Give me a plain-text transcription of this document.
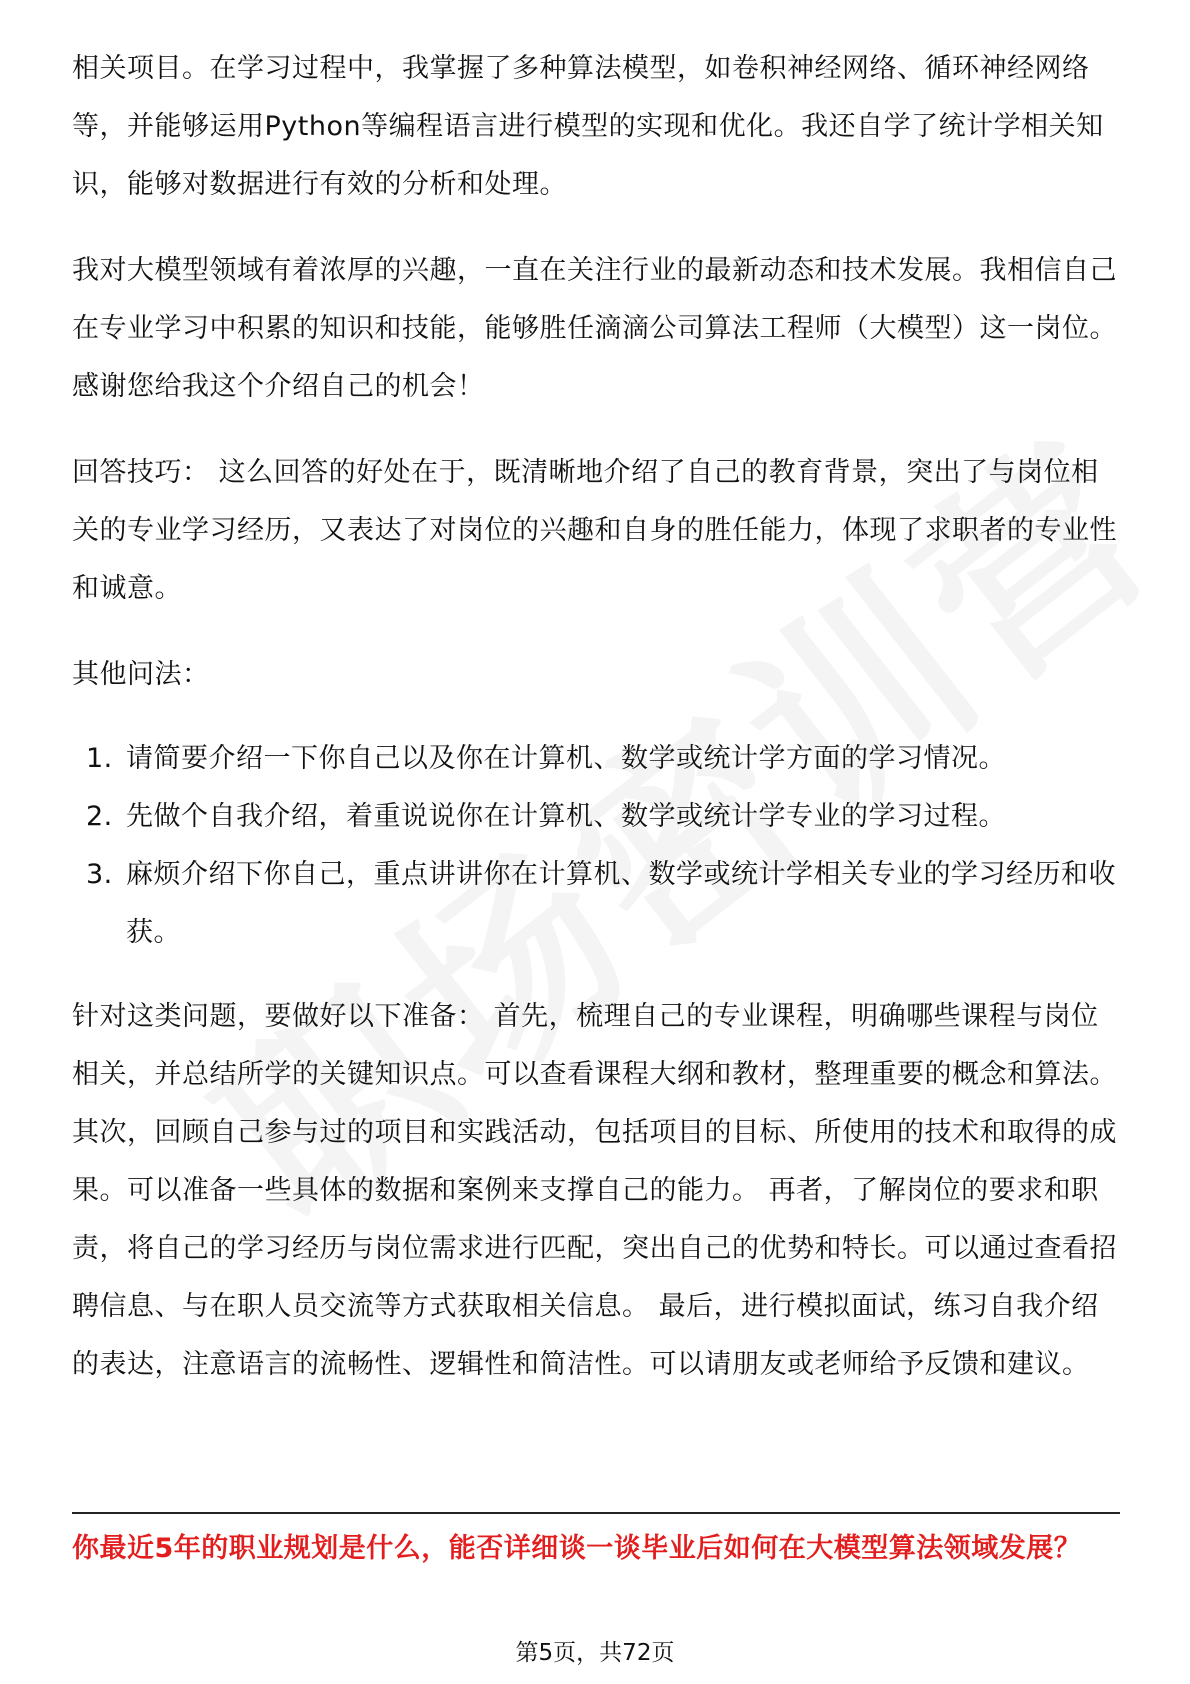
相关项目。在学习过程中，我掌握了多种算法模型，如卷积神经网络、循环神经网络等，并能够运用Python等编程语言进行模型的实现和优化。我还自学了统计学相关知识，能够对数据进行有效的分析和处理。

我对大模型领域有着浓厚的兴趣，一直在关注行业的最新动态和技术发展。我相信自己在专业学习中积累的知识和技能，能够胜任滴滴公司算法工程师（大模型）这一岗位。感谢您给我这个介绍自己的机会！

回答技巧： 这么回答的好处在于，既清晰地介绍了自己的教育背景，突出了与岗位相关的专业学习经历，又表达了对岗位的兴趣和自身的胜任能力，体现了求职者的专业性和诚意。

其他问法：

1. 请简要介绍一下你自己以及你在计算机、数学或统计学方面的学习情况。
2. 先做个自我介绍，着重说说你在计算机、数学或统计学专业的学习过程。
3. 麻烦介绍下你自己，重点讲讲你在计算机、数学或统计学相关专业的学习经历和收获。

针对这类问题，要做好以下准备： 首先，梳理自己的专业课程，明确哪些课程与岗位相关，并总结所学的关键知识点。可以查看课程大纲和教材，整理重要的概念和算法。 其次，回顾自己参与过的项目和实践活动，包括项目的目标、所使用的技术和取得的成果。可以准备一些具体的数据和案例来支撑自己的能力。 再者，了解岗位的要求和职责，将自己的学习经历与岗位需求进行匹配，突出自己的优势和特长。可以通过查看招聘信息、与在职人员交流等方式获取相关信息。 最后，进行模拟面试，练习自我介绍的表达，注意语言的流畅性、逻辑性和简洁性。可以请朋友或老师给予反馈和建议。

你最近5年的职业规划是什么，能否详细谈一谈毕业后如何在大模型算法领域发展？
第5页，共72页
